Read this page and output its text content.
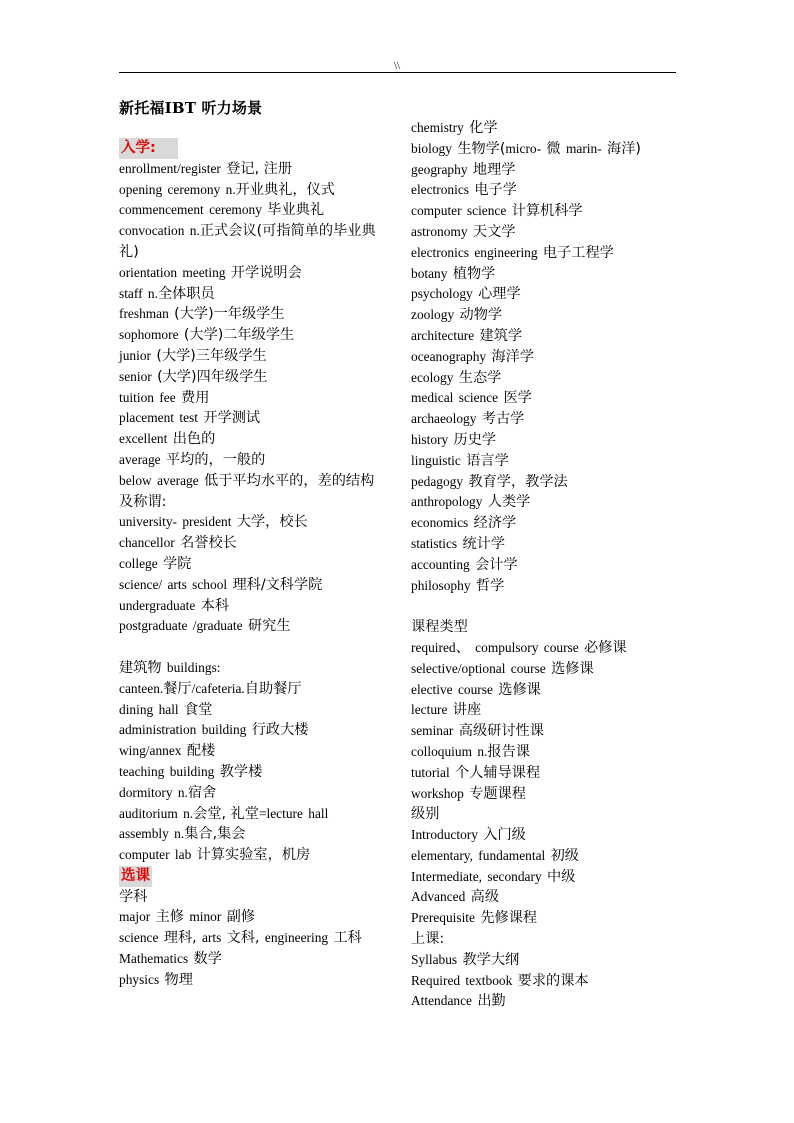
\\
新托福IBT 听力场景
入学:
enrollment/register 登记, 注册
opening ceremony n.开业典礼，仪式
commencement ceremony 毕业典礼
convocation n.正式会议(可指简单的毕业典礼)
orientation meeting 开学说明会
staff n.全体职员
freshman (大学)一年级学生
sophomore (大学)二年级学生
junior (大学)三年级学生
senior (大学)四年级学生
tuition fee 费用
placement test 开学测试
excellent 出色的
average 平均的，一般的
below average 低于平均水平的，差的结构及称谓:
university- president 大学，校长
chancellor 名誉校长
college 学院
science/ arts school 理科/文科学院
undergraduate 本科
postgraduate /graduate 研究生
建筑物 buildings:
canteen.餐厅/cafeteria.自助餐厅
dining hall 食堂
administration building 行政大楼
wing/annex 配楼
teaching building 教学楼
dormitory n.宿舍
auditorium n.会堂, 礼堂=lecture hall
assembly n.集合,集会
computer lab 计算实验室，机房
选课
学科
major 主修 minor 副修
science 理科, arts 文科, engineering 工科
Mathematics 数学
physics 物理
chemistry 化学
biology 生物学(micro- 微 marin- 海洋)
geography 地理学
electronics 电子学
computer science 计算机科学
astronomy 天文学
electronics engineering 电子工程学
botany 植物学
psychology 心理学
zoology 动物学
architecture 建筑学
oceanography 海洋学
ecology 生态学
medical science 医学
archaeology 考古学
history 历史学
linguistic 语言学
pedagogy 教育学，教学法
anthropology 人类学
economics 经济学
statistics 统计学
accounting 会计学
philosophy 哲学
课程类型
required、 compulsory course 必修课
selective/optional course 选修课
elective course 选修课
lecture 讲座
seminar 高级研讨性课
colloquium n.报告课
tutorial 个人辅导课程
workshop 专题课程
级别
Introductory 入门级
elementary, fundamental 初级
Intermediate, secondary 中级
Advanced 高级
Prerequisite 先修课程
上课:
Syllabus 教学大纲
Required textbook 要求的课本
Attendance 出勤
